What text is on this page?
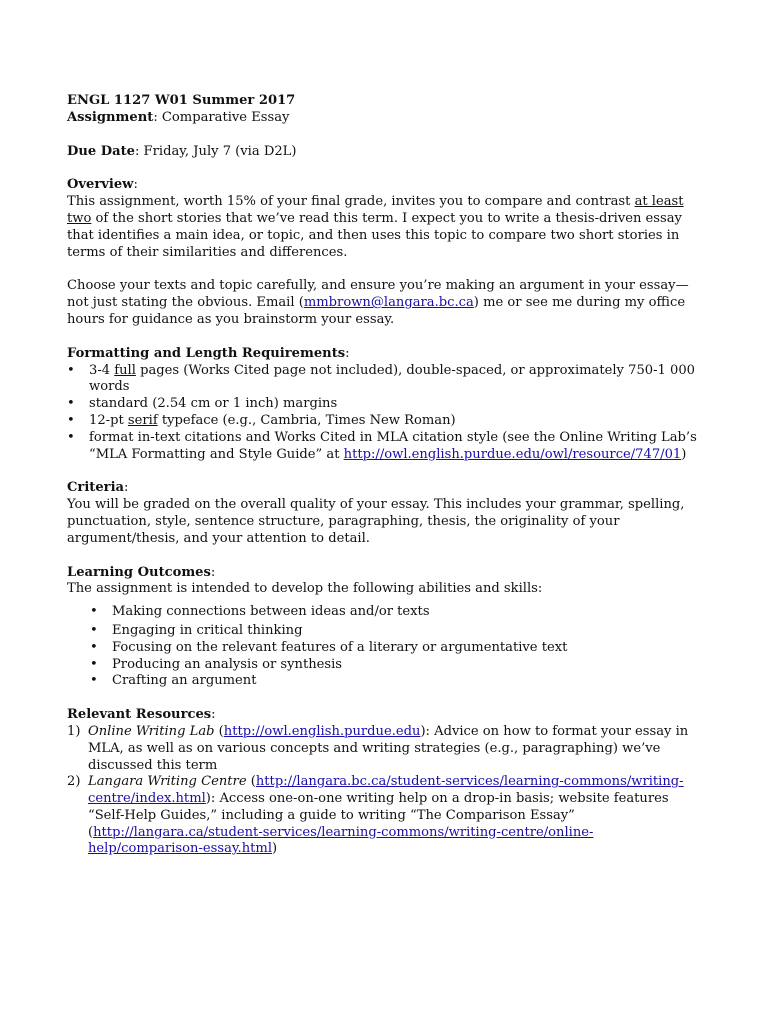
ENGL 1127 W01 Summer 2017

Assignment: Comparative Essay

Due Date: Friday, July 7 (via D2L)

Overview:

This assignment, worth 15% of your final grade, invites you to compare and contrast at least two of the short stories that we’ve read this term. I expect you to write a thesis-driven essay that identifies a main idea, or topic, and then uses this topic to compare two short stories in terms of their similarities and differences.

Choose your texts and topic carefully, and ensure you’re making an argument in your essay—not just stating the obvious. Email (mmbrown@langara.bc.ca) me or see me during my office hours for guidance as you brainstorm your essay.

Formatting and Length Requirements:

• 3-4 full pages (Works Cited page not included), double-spaced, or approximately 750-1 000 words
• standard (2.54 cm or 1 inch) margins
• 12-pt serif typeface (e.g., Cambria, Times New Roman)
• format in-text citations and Works Cited in MLA citation style (see the Online Writing Lab’s “MLA Formatting and Style Guide” at http://owl.english.purdue.edu/owl/resource/747/01)

Criteria:

You will be graded on the overall quality of your essay. This includes your grammar, spelling, punctuation, style, sentence structure, paragraphing, thesis, the originality of your argument/thesis, and your attention to detail.

Learning Outcomes:

The assignment is intended to develop the following abilities and skills:

• Making connections between ideas and/or texts
• Engaging in critical thinking
• Focusing on the relevant features of a literary or argumentative text
• Producing an analysis or synthesis
• Crafting an argument

Relevant Resources:

1) Online Writing Lab (http://owl.english.purdue.edu): Advice on how to format your essay in MLA, as well as on various concepts and writing strategies (e.g., paragraphing) we’ve discussed this term
2) Langara Writing Centre (http://langara.bc.ca/student-services/learning-commons/writing-centre/index.html): Access one-on-one writing help on a drop-in basis; website features “Self-Help Guides,” including a guide to writing “The Comparison Essay” (http://langara.ca/student-services/learning-commons/writing-centre/online-help/comparison-essay.html)
